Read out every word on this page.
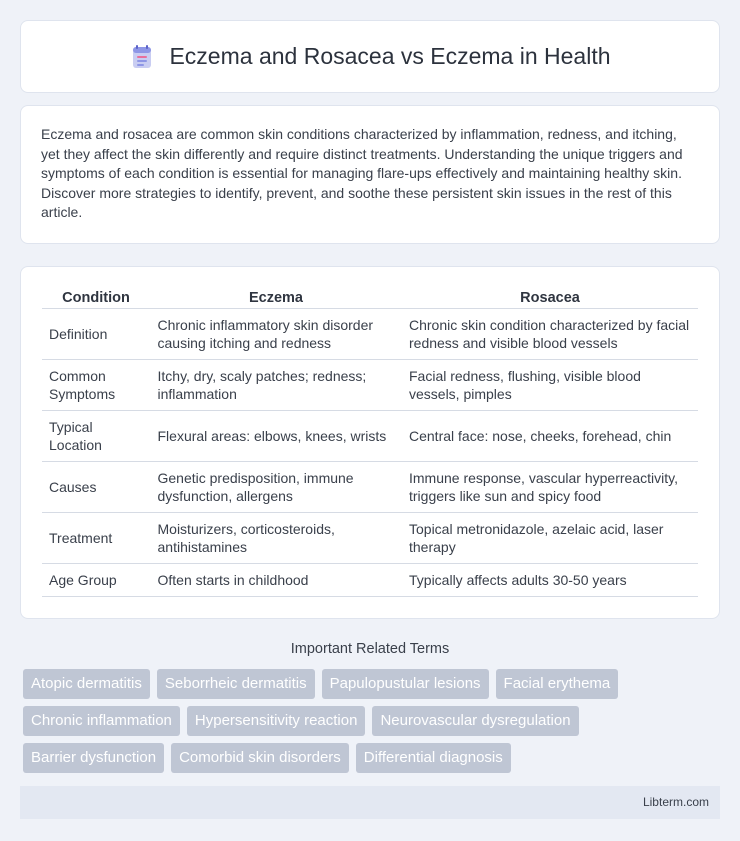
Eczema and Rosacea vs Eczema in Health

Eczema and rosacea are common skin conditions characterized by inflammation, redness, and itching, yet they affect the skin differently and require distinct treatments. Understanding the unique triggers and symptoms of each condition is essential for managing flare-ups effectively and maintaining healthy skin. Discover more strategies to identify, prevent, and soothe these persistent skin issues in the rest of this article.

Condition	Eczema	Rosacea
Definition	Chronic inflammatory skin disorder causing itching and redness	Chronic skin condition characterized by facial redness and visible blood vessels
Common Symptoms	Itchy, dry, scaly patches; redness; inflammation	Facial redness, flushing, visible blood vessels, pimples
Typical Location	Flexural areas: elbows, knees, wrists	Central face: nose, cheeks, forehead, chin
Causes	Genetic predisposition, immune dysfunction, allergens	Immune response, vascular hyperreactivity, triggers like sun and spicy food
Treatment	Moisturizers, corticosteroids, antihistamines	Topical metronidazole, azelaic acid, laser therapy
Age Group	Often starts in childhood	Typically affects adults 30-50 years
Important Related Terms
Atopic dermatitis	Seborrheic dermatitis	Papulopustular lesions	Facial erythema
Chronic inflammation	Hypersensitivity reaction	Neurovascular dysregulation
Barrier dysfunction	Comorbid skin disorders	Differential diagnosis
Libterm.com
